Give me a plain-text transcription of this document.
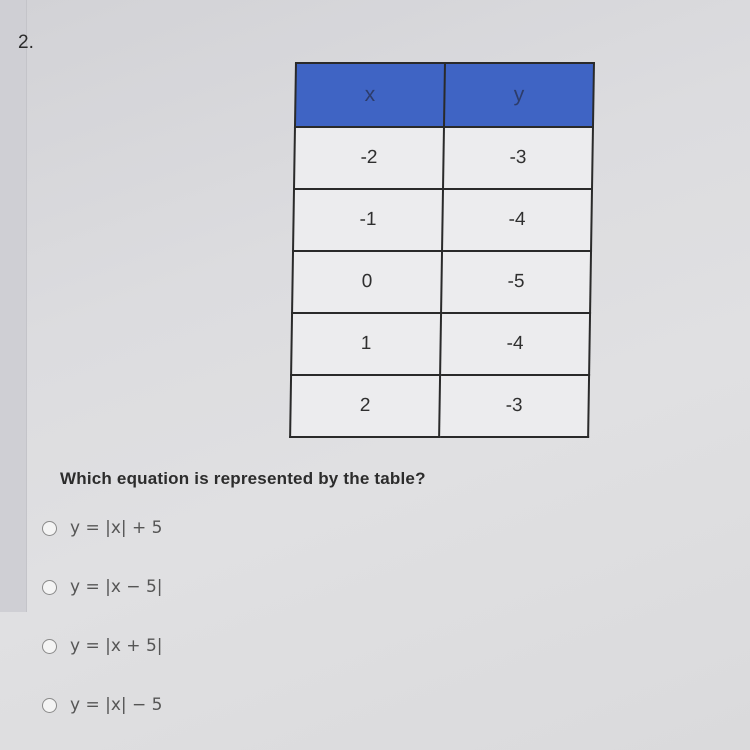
2.
x	y
-2	-3
-1	-4
0	-5
1	-4
2	-3
Which equation is represented by the table?
y = |x| + 5
y = |x − 5|
y = |x + 5|
y = |x| − 5
